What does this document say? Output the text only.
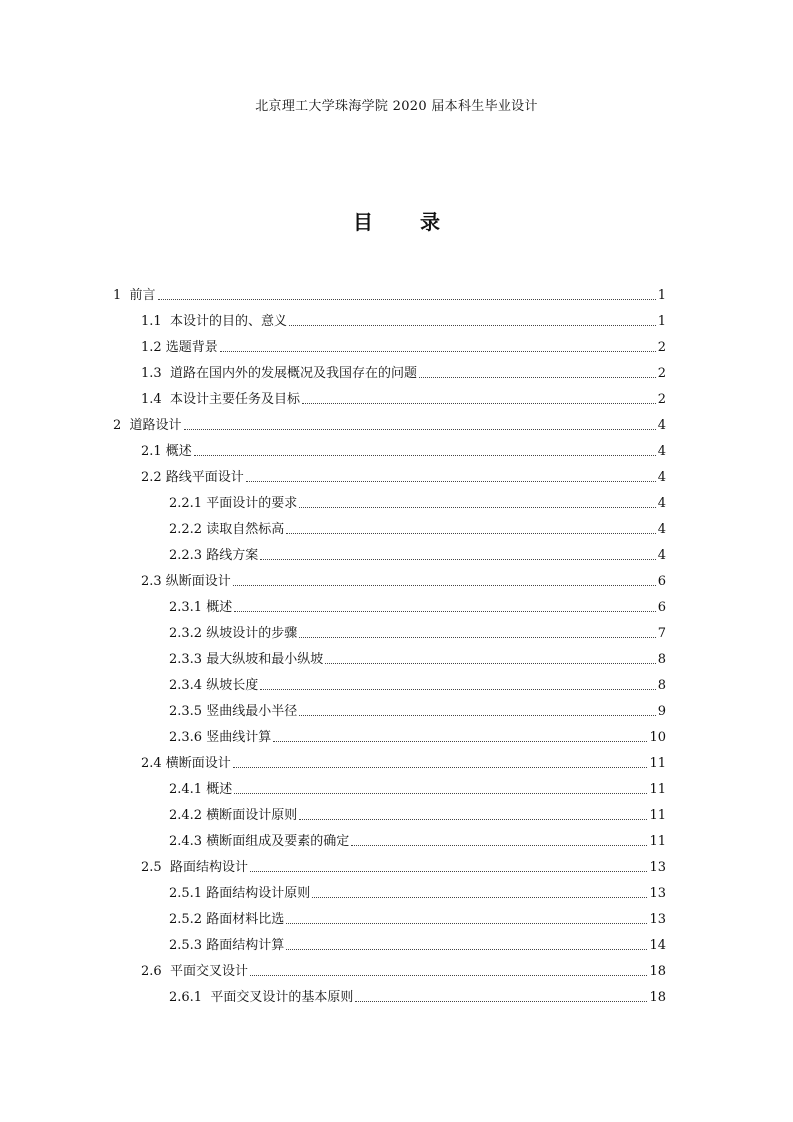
北京理工大学珠海学院 2020 届本科生毕业设计
目 录
1  前言	1
1.1  本设计的目的、意义	1
1.2 选题背景	2
1.3  道路在国内外的发展概况及我国存在的问题	2
1.4  本设计主要任务及目标	2
2  道路设计	4
2.1 概述	4
2.2 路线平面设计	4
2.2.1 平面设计的要求	4
2.2.2 读取自然标高	4
2.2.3 路线方案	4
2.3 纵断面设计	6
2.3.1 概述	6
2.3.2 纵坡设计的步骤	7
2.3.3 最大纵坡和最小纵坡	8
2.3.4 纵坡长度	8
2.3.5 竖曲线最小半径	9
2.3.6 竖曲线计算	10
2.4 横断面设计	11
2.4.1 概述	11
2.4.2 横断面设计原则	11
2.4.3 横断面组成及要素的确定	11
2.5  路面结构设计	13
2.5.1 路面结构设计原则	13
2.5.2 路面材料比选	13
2.5.3 路面结构计算	14
2.6  平面交叉设计	18
2.6.1  平面交叉设计的基本原则	18
